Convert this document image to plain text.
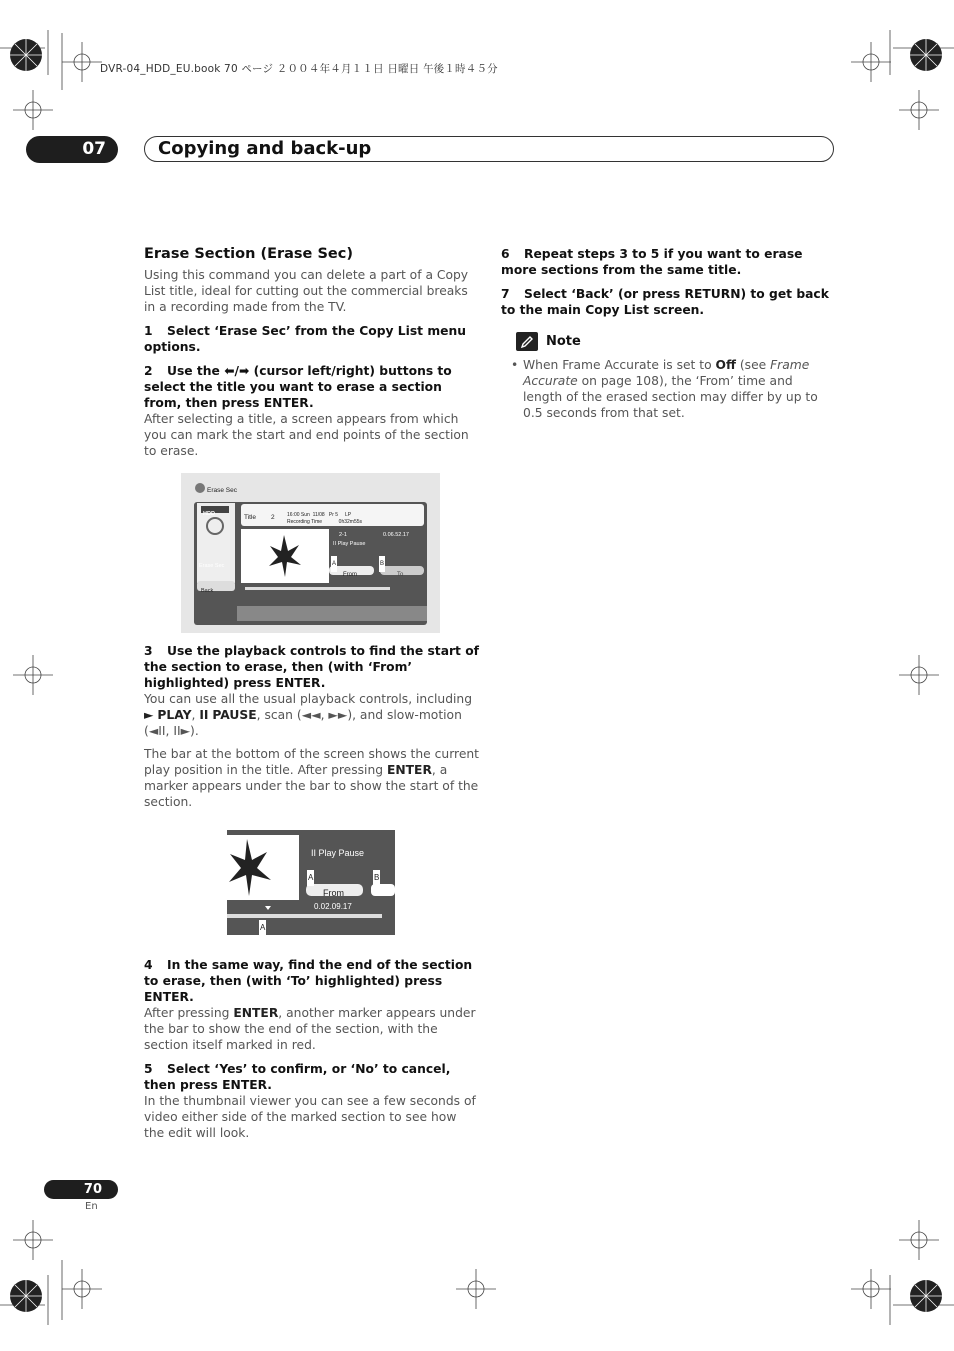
DVR-04_HDD_EU.book 70 ページ ２００４年４月１１日 日曜日 午後１時４５分
07	Copying and back-up
Erase Section (Erase Sec)

Using this command you can delete a part of a Copy List title, ideal for cutting out the commercial breaks in a recording made from the TV.

1 Select ‘Erase Sec’ from the Copy List menu options.

2 Use the ⬅/➡ (cursor left/right) buttons to select the title you want to erase a section from, then press ENTER.

After selecting a title, a screen appears from which you can mark the start and end points of the section to erase.

Erase Sec
HDD	Title 2 16:00 Sun  11/08   Pr 5     LP
Recording Time            0h32m55s
2-1	0.06.52.17
II Play Pause
Erase Sec
Back
A	B
From	To

3 Use the playback controls to find the start of the section to erase, then (with ‘From’ highlighted) press ENTER.

You can use all the usual playback controls, including ► PLAY, II PAUSE, scan (◄◄, ►►), and slow-motion (◄II, II►).

The bar at the bottom of the screen shows the current play position in the title. After pressing ENTER, a marker appears under the bar to show the start of the section.

II Play Pause
A	B
From
0.02.09.17
A

4 In the same way, find the end of the section to erase, then (with ‘To’ highlighted) press ENTER.

After pressing ENTER, another marker appears under the bar to show the end of the section, with the section itself marked in red.

5 Select ‘Yes’ to confirm, or ‘No’ to cancel, then press ENTER.

In the thumbnail viewer you can see a few seconds of video either side of the marked section to see how the edit will look.

6 Repeat steps 3 to 5 if you want to erase more sections from the same title.

7 Select ‘Back’ (or press RETURN) to get back to the main Copy List screen.

Note
• When Frame Accurate is set to Off (see Frame Accurate on page 108), the ‘From’ time and length of the erased section may differ by up to 0.5 seconds from that set.
70
En
